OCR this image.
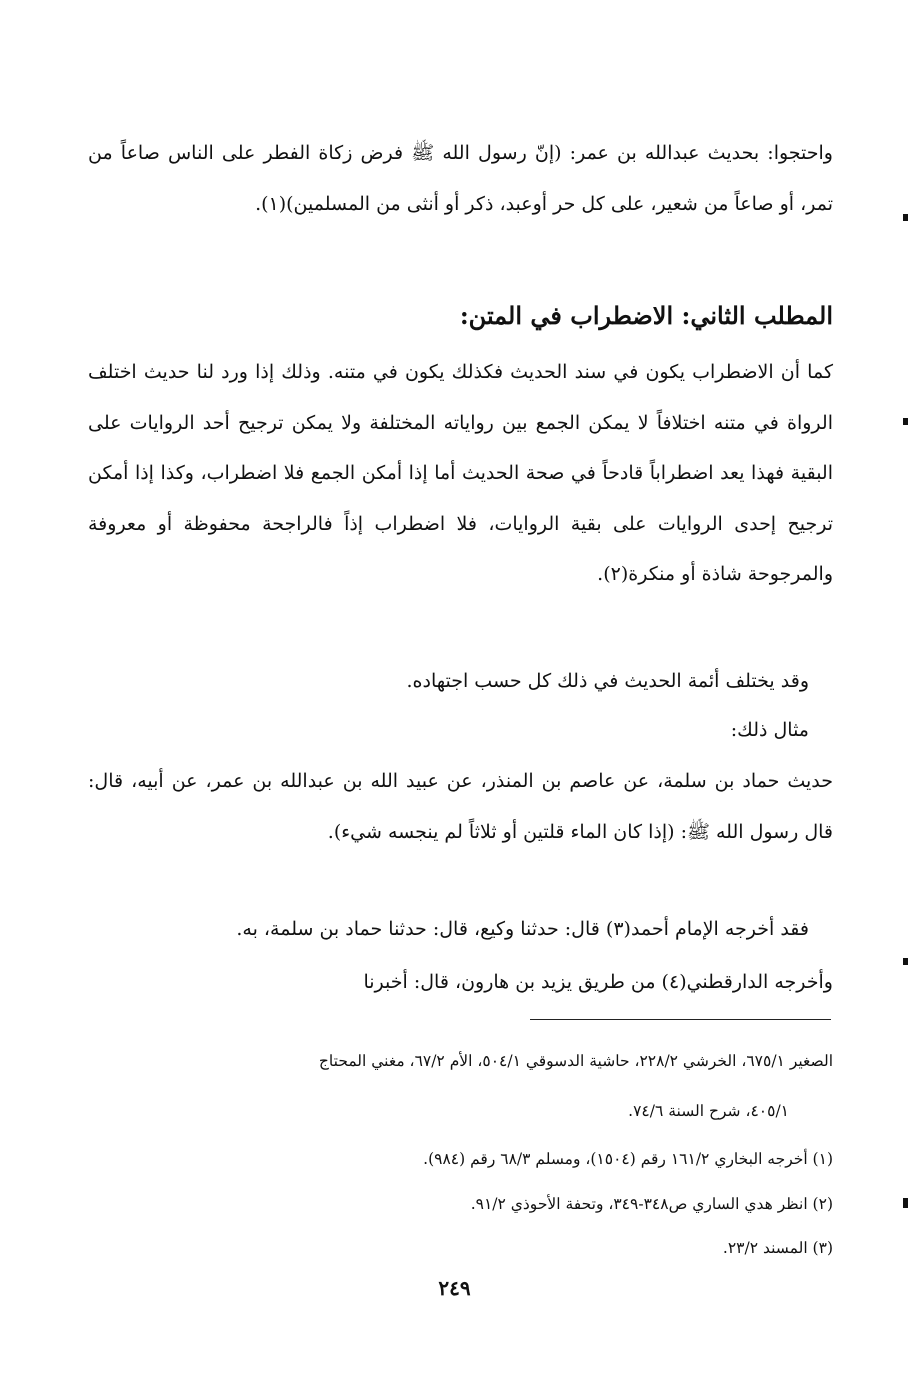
واحتجوا: بحديث عبدالله بن عمر: (إنّ رسول الله ﷺ فرض زكاة الفطر على الناس صاعاً من تمر، أو صاعاً من شعير، على كل حر أوعبد، ذكر أو أنثى من المسلمين)(١).
المطلب الثاني: الاضطراب في المتن:
كما أن الاضطراب يكون في سند الحديث فكذلك يكون في متنه. وذلك إذا ورد لنا حديث اختلف الرواة في متنه اختلافاً لا يمكن الجمع بين رواياته المختلفة ولا يمكن ترجيح أحد الروايات على البقية فهذا يعد اضطراباً قادحاً في صحة الحديث أما إذا أمكن الجمع فلا اضطراب، وكذا إذا أمكن ترجيح إحدى الروايات على بقية الروايات، فلا اضطراب إذاً فالراجحة محفوظة أو معروفة والمرجوحة شاذة أو منكرة(٢).
وقد يختلف أئمة الحديث في ذلك كل حسب اجتهاده.
مثال ذلك:
حديث حماد بن سلمة، عن عاصم بن المنذر، عن عبيد الله بن عبدالله بن عمر، عن أبيه، قال: قال رسول الله ﷺ: (إذا كان الماء قلتين أو ثلاثاً لم ينجسه شيء).
فقد أخرجه الإمام أحمد(٣) قال: حدثنا وكيع، قال: حدثنا حماد بن سلمة، به.
وأخرجه الدارقطني(٤) من طريق يزيد بن هارون، قال: أخبرنا
الصغير ٦٧٥/١، الخرشي ٢٢٨/٢، حاشية الدسوقي ٥٠٤/١، الأم ٦٧/٢، مغني المحتاج
٤٠٥/١، شرح السنة ٧٤/٦.
(١) أخرجه البخاري ١٦١/٢ رقم (١٥٠٤)، ومسلم ٦٨/٣ رقم (٩٨٤).
(٢) انظر هدي الساري ص٣٤٨-٣٤٩، وتحفة الأحوذي ٩١/٢.
(٣) المسند ٢٣/٢.
٢٤٩
